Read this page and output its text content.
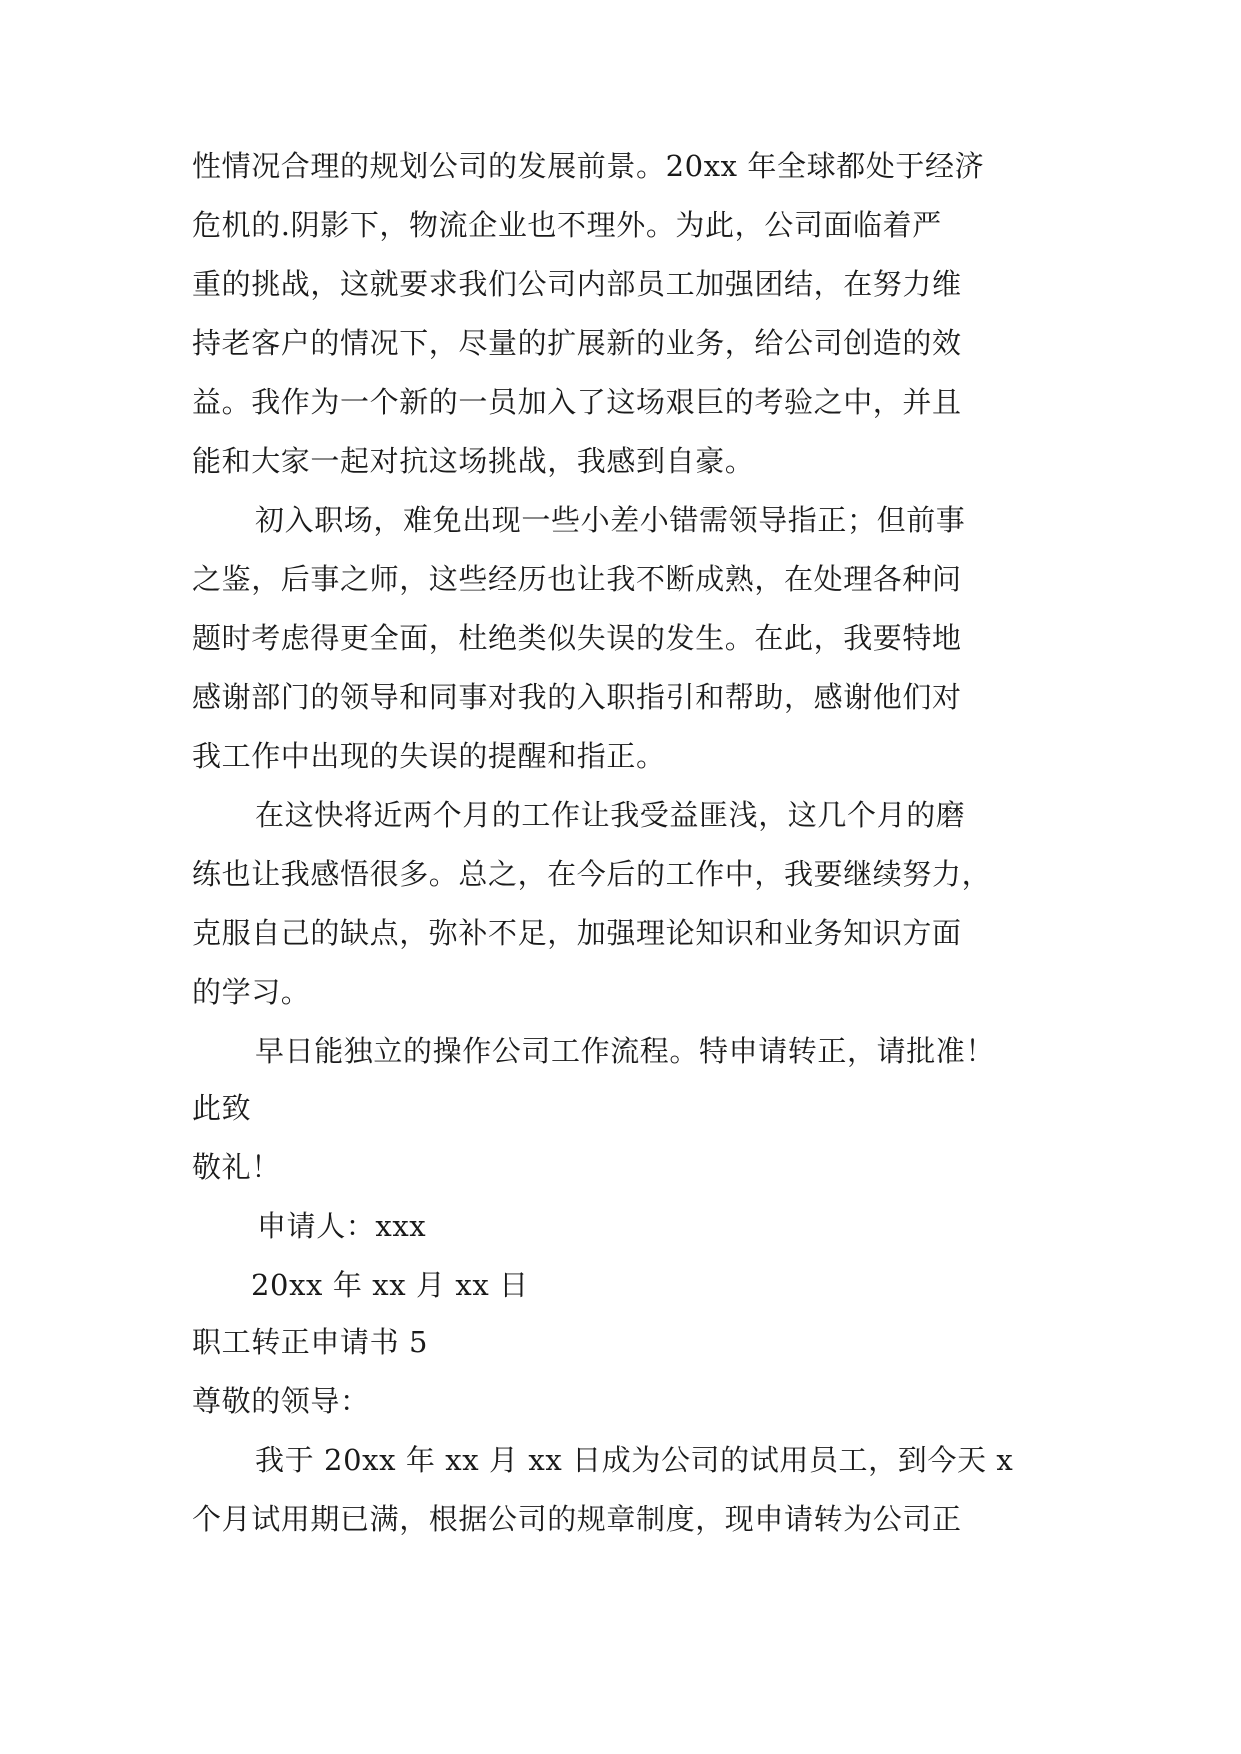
性情况合理的规划公司的发展前景。20xx 年全球都处于经济
危机的.阴影下，物流企业也不理外。为此，公司面临着严
重的挑战，这就要求我们公司内部员工加强团结，在努力维
持老客户的情况下，尽量的扩展新的业务，给公司创造的效
益。我作为一个新的一员加入了这场艰巨的考验之中，并且
能和大家一起对抗这场挑战，我感到自豪。
初入职场，难免出现一些小差小错需领导指正；但前事
之鉴，后事之师，这些经历也让我不断成熟，在处理各种问
题时考虑得更全面，杜绝类似失误的发生。在此，我要特地
感谢部门的领导和同事对我的入职指引和帮助，感谢他们对
我工作中出现的失误的提醒和指正。
在这快将近两个月的工作让我受益匪浅，这几个月的磨
练也让我感悟很多。总之，在今后的工作中，我要继续努力，
克服自己的缺点，弥补不足，加强理论知识和业务知识方面
的学习。
早日能独立的操作公司工作流程。特申请转正，请批准！
此致
敬礼！
申请人：xxx
20xx 年 xx 月 xx 日
职工转正申请书 5
尊敬的领导：
我于 20xx 年 xx 月 xx 日成为公司的试用员工，到今天 x
个月试用期已满，根据公司的规章制度，现申请转为公司正
